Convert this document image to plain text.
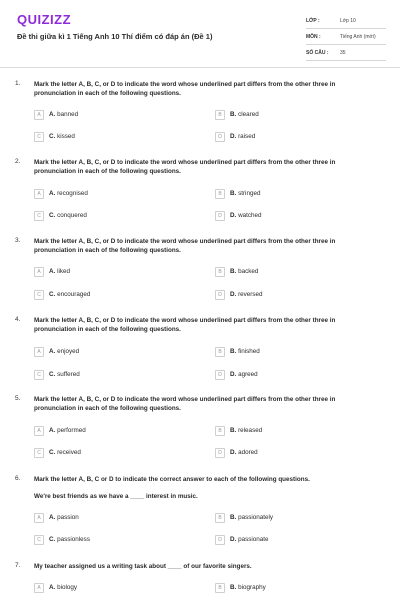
QUIZIZZ
Đề thi giữa kì 1 Tiếng Anh 10 Thí điểm có đáp án (Đề 1)
LỚP :	Lớp 10
MÔN :	Tiếng Anh (mới)
SỐ CÂU :	35
1. Mark the letter A, B, C, or D to indicate the word whose underlined part differs from the other three in pronunciation in each of the following questions.
A	A. banned	B	B. cleared
C	C. kissed	D	D. raised
2. Mark the letter A, B, C, or D to indicate the word whose underlined part differs from the other three in pronunciation in each of the following questions.
A	A. recognised	B	B. stringed
C	C. conquered	D	D. watched
3. Mark the letter A, B, C, or D to indicate the word whose underlined part differs from the other three in pronunciation in each of the following questions.
A	A. liked	B	B. backed
C	C. encouraged	D	D. reversed
4. Mark the letter A, B, C, or D to indicate the word whose underlined part differs from the other three in pronunciation in each of the following questions.
A	A. enjoyed	B	B. finished
C	C. suffered	D	D. agreed
5. Mark the letter A, B, C, or D to indicate the word whose underlined part differs from the other three in pronunciation in each of the following questions.
A	A. performed	B	B. released
C	C. received	D	D. adored
6. Mark the letter A, B, C or D to indicate the correct answer to each of the following questions.
We're best friends as we have a ____ interest in music.
A	A. passion	B	B. passionately
C	C. passionless	D	D. passionate
7. My teacher assigned us a writing task about ____ of our favorite singers.
A	A. biology	B	B. biography
